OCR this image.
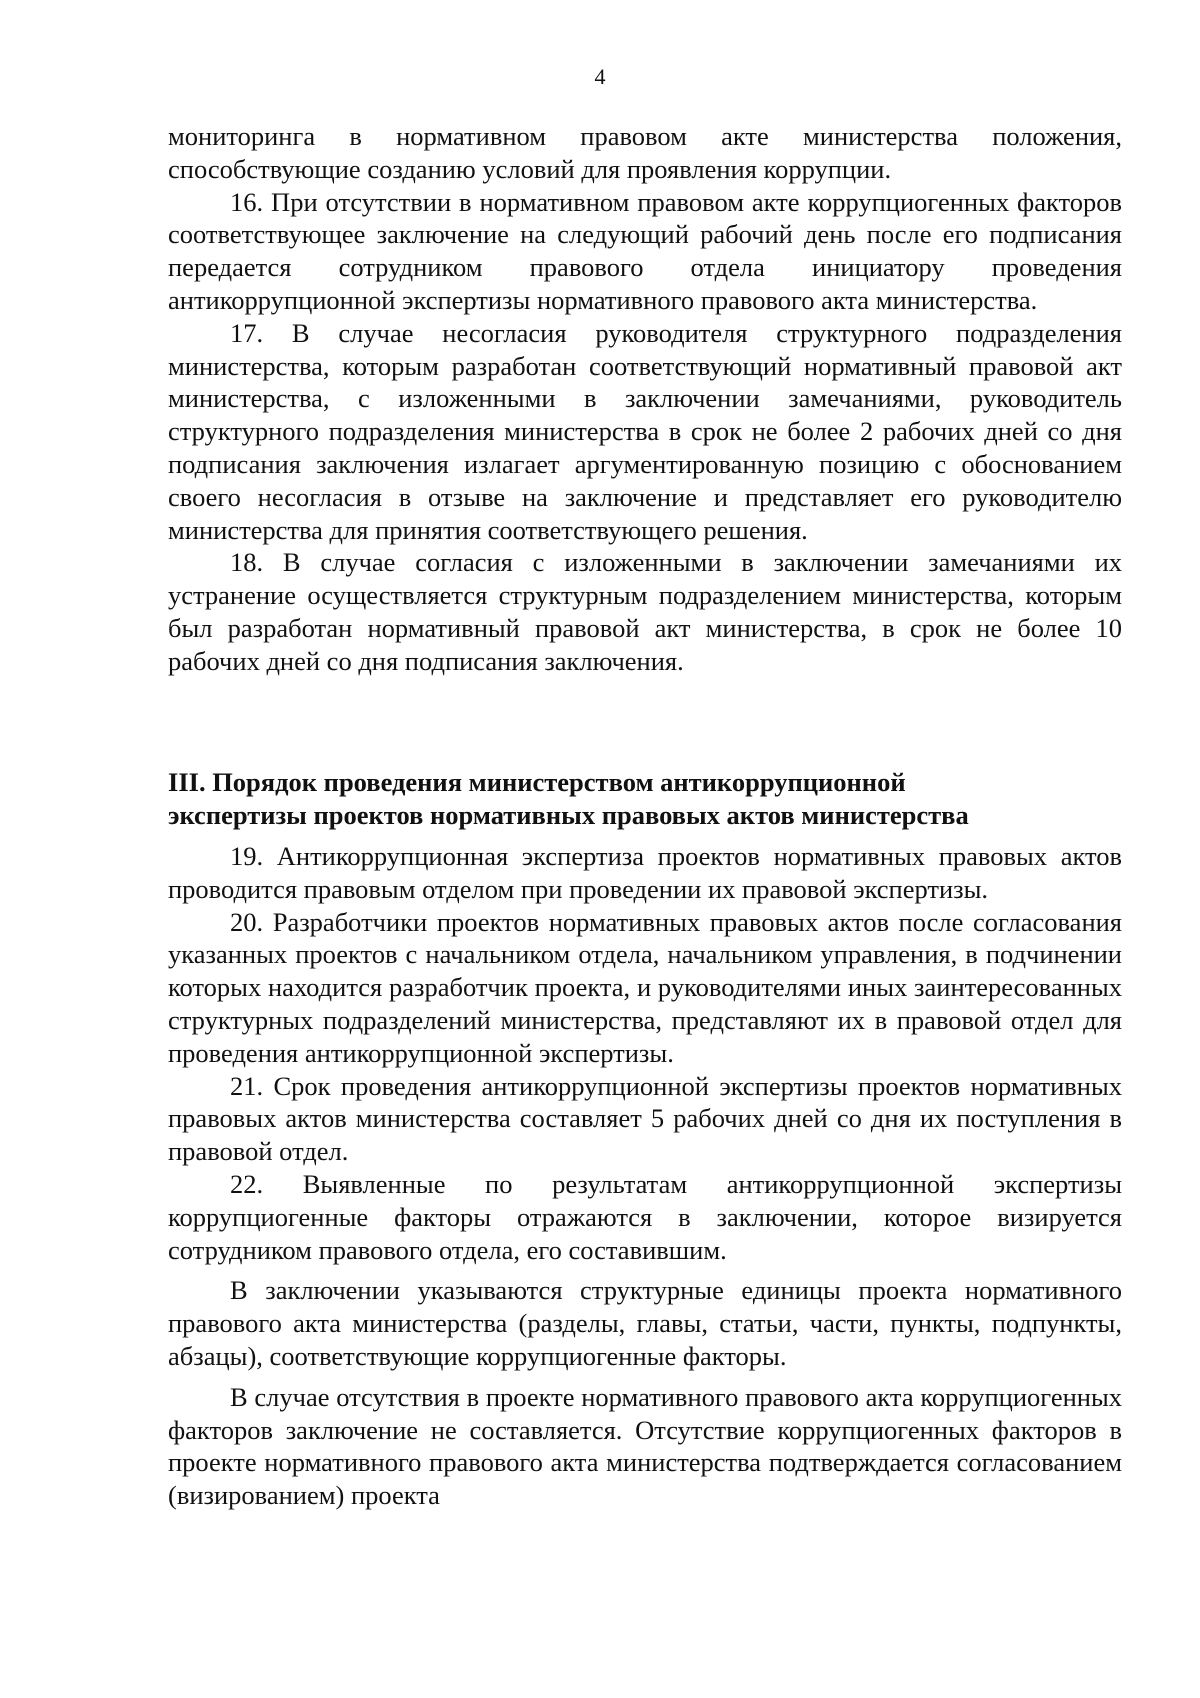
4

мониторинга в нормативном правовом акте министерства положения, способствующие созданию условий для проявления коррупции.

16. При отсутствии в нормативном правовом акте коррупциогенных факторов соответствующее заключение на следующий рабочий день после его подписания передается сотрудником правового отдела инициатору проведения антикоррупционной экспертизы нормативного правового акта министерства.

17. В случае несогласия руководителя структурного подразделения министерства, которым разработан соответствующий нормативный правовой акт министерства, с изложенными в заключении замечаниями, руководитель структурного подразделения министерства в срок не более 2 рабочих дней со дня подписания заключения излагает аргументированную позицию с обоснованием своего несогласия в отзыве на заключение и представляет его руководителю министерства для принятия соответствующего решения.

18. В случае согласия с изложенными в заключении замечаниями их устранение осуществляется структурным подразделением министерства, которым был разработан нормативный правовой акт министерства, в срок не более 10 рабочих дней со дня подписания заключения.

III. Порядок проведения министерством антикоррупционной

экспертизы проектов нормативных правовых актов министерства

19. Антикоррупционная экспертиза проектов нормативных правовых актов проводится правовым отделом при проведении их правовой экспертизы.

20. Разработчики проектов нормативных правовых актов после согласования указанных проектов с начальником отдела, начальником управления, в подчинении которых находится разработчик проекта, и руководителями иных заинтересованных структурных подразделений министерства, представляют их в правовой отдел для проведения антикоррупционной экспертизы.

21. Срок проведения антикоррупционной экспертизы проектов нормативных правовых актов министерства составляет 5 рабочих дней со дня их поступления в правовой отдел.

22. Выявленные по результатам антикоррупционной экспертизы коррупциогенные факторы отражаются в заключении, которое визируется сотрудником правового отдела, его составившим.

В заключении указываются структурные единицы проекта нормативного правового акта министерства (разделы, главы, статьи, части, пункты, подпункты, абзацы), соответствующие коррупциогенные факторы.

В случае отсутствия в проекте нормативного правового акта коррупциогенных факторов заключение не составляется. Отсутствие коррупциогенных факторов в проекте нормативного правового акта министерства подтверждается согласованием (визированием) проекта
